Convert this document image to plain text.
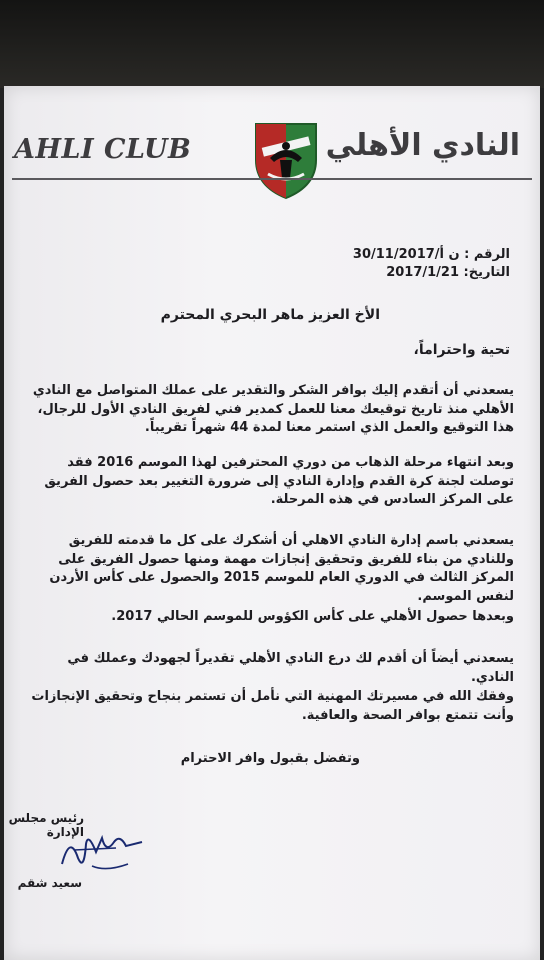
AHLI CLUB	النادي الأهلي
الرقم : ن أ/30/11/2017
التاريخ: 2017/1/21
الأخ العزيز ماهر البحري المحترم
تحية واحتراماً،
يسعدني أن أتقدم إليك بوافر الشكر والتقدير على عملك المتواصل مع النادي الأهلي منذ تاريخ توقيعك معنا للعمل كمدير فني لفريق النادي الأول للرجال، هذا التوقيع والعمل الذي استمر معنا لمدة 44 شهراً تقريباً.
وبعد انتهاء مرحلة الذهاب من دوري المحترفين لهذا الموسم 2016 فقد توصلت لجنة كرة القدم وإدارة النادي إلى ضرورة التغيير بعد حصول الفريق على المركز السادس في هذه المرحلة.
يسعدني باسم إدارة النادي الاهلي أن أشكرك على كل ما قدمته للفريق وللنادي من بناء للفريق وتحقيق إنجازات مهمة ومنها حصول الفريق على المركز الثالث في الدوري العام للموسم 2015 والحصول على كأس الأردن لنفس الموسم.
وبعدها حصول الأهلي على كأس الكؤوس للموسم الحالي 2017.
يسعدني أيضاً أن أقدم لك درع النادي الأهلي تقديراً لجهودك وعملك في النادي.
وفقك الله في مسيرتك المهنية التي نأمل أن تستمر بنجاح وتحقيق الإنجازات وأنت تتمتع بوافر الصحة والعافية.
وتفضل بقبول وافر الاحترام
رئيس مجلس الإدارة
سعيد شقم
